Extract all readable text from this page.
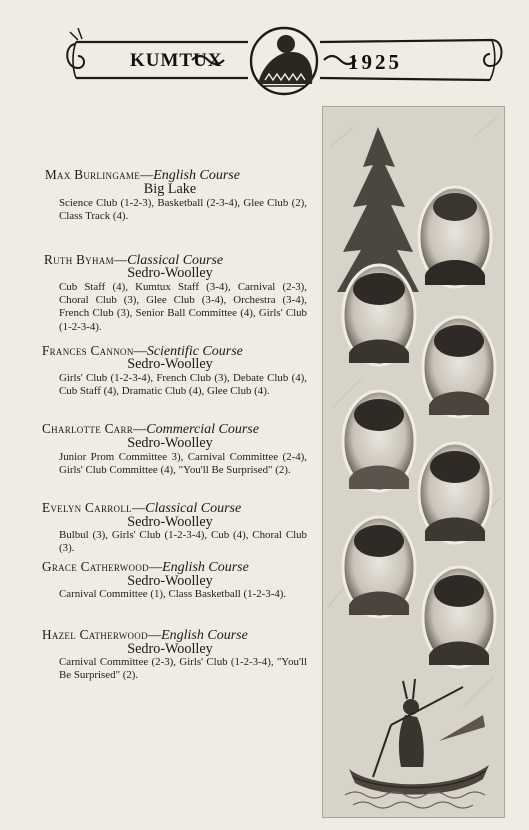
KUMTUX	1925
Max Burlingame—English Course
Big Lake
Science Club (1-2-3), Basketball (2-3-4), Glee Club (2), Class Track (4).
Ruth Byham—Classical Course
Sedro-Woolley
Cub Staff (4), Kumtux Staff (3-4), Carnival (2-3), Choral Club (3), Glee Club (3-4), Orchestra (3-4), French Club (3), Senior Ball Committee (4), Girls' Club (1-2-3-4).
Frances Cannon—Scientific Course
Sedro-Woolley
Girls' Club (1-2-3-4), French Club (3), Debate Club (4), Cub Staff (4), Dramatic Club (4), Glee Club (4).
Charlotte Carr—Commercial Course
Sedro-Woolley
Junior Prom Committee 3), Carnival Committee (2-4), Girls' Club Committee (4), "You'll Be Surprised" (2).
Evelyn Carroll—Classical Course
Sedro-Woolley
Bulbul (3), Girls' Club (1-2-3-4), Cub (4), Choral Club (3).
Grace Catherwood—English Course
Sedro-Woolley
Carnival Committee (1), Class Basketball (1-2-3-4).
Hazel Catherwood—English Course
Sedro-Woolley
Carnival Committee (2-3), Girls' Club (1-2-3-4), "You'll Be Surprised" (2).
